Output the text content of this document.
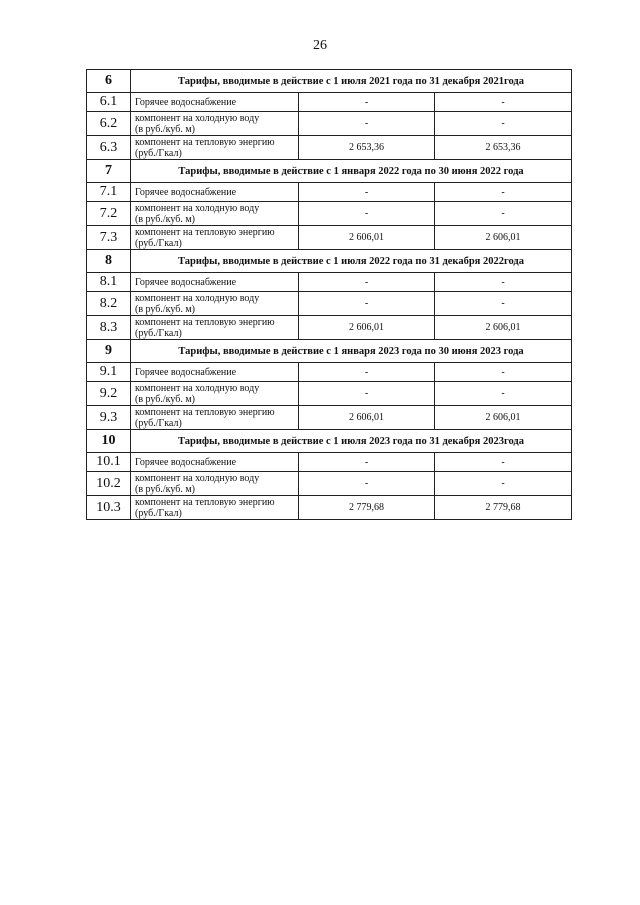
26
6	Тарифы, вводимые в действие с 1 июля 2021 года по 31 декабря 2021года		
6.1	Горячее водоснабжение	-	-
6.2	компонент на холодную воду
(в руб./куб. м)	-	-
6.3	компонент на тепловую энергию
(руб./Гкал)	2 653,36	2 653,36
7	Тарифы, вводимые в действие с 1 января 2022 года по 30 июня 2022 года		
7.1	Горячее водоснабжение	-	-
7.2	компонент на холодную воду
(в руб./куб. м)	-	-
7.3	компонент на тепловую энергию
(руб./Гкал)	2 606,01	2 606,01
8	Тарифы, вводимые в действие с 1 июля 2022 года по 31 декабря 2022года		
8.1	Горячее водоснабжение	-	-
8.2	компонент на холодную воду
(в руб./куб. м)	-	-
8.3	компонент на тепловую энергию
(руб./Гкал)	2 606,01	2 606,01
9	Тарифы, вводимые в действие с 1 января 2023 года по 30 июня 2023 года		
9.1	Горячее водоснабжение	-	-
9.2	компонент на холодную воду
(в руб./куб. м)	-	-
9.3	компонент на тепловую энергию
(руб./Гкал)	2 606,01	2 606,01
10	Тарифы, вводимые в действие с 1 июля 2023 года по 31 декабря 2023года		
10.1	Горячее водоснабжение	-	-
10.2	компонент на холодную воду
(в руб./куб. м)	-	-
10.3	компонент на тепловую энергию
(руб./Гкал)	2 779,68	2 779,68
